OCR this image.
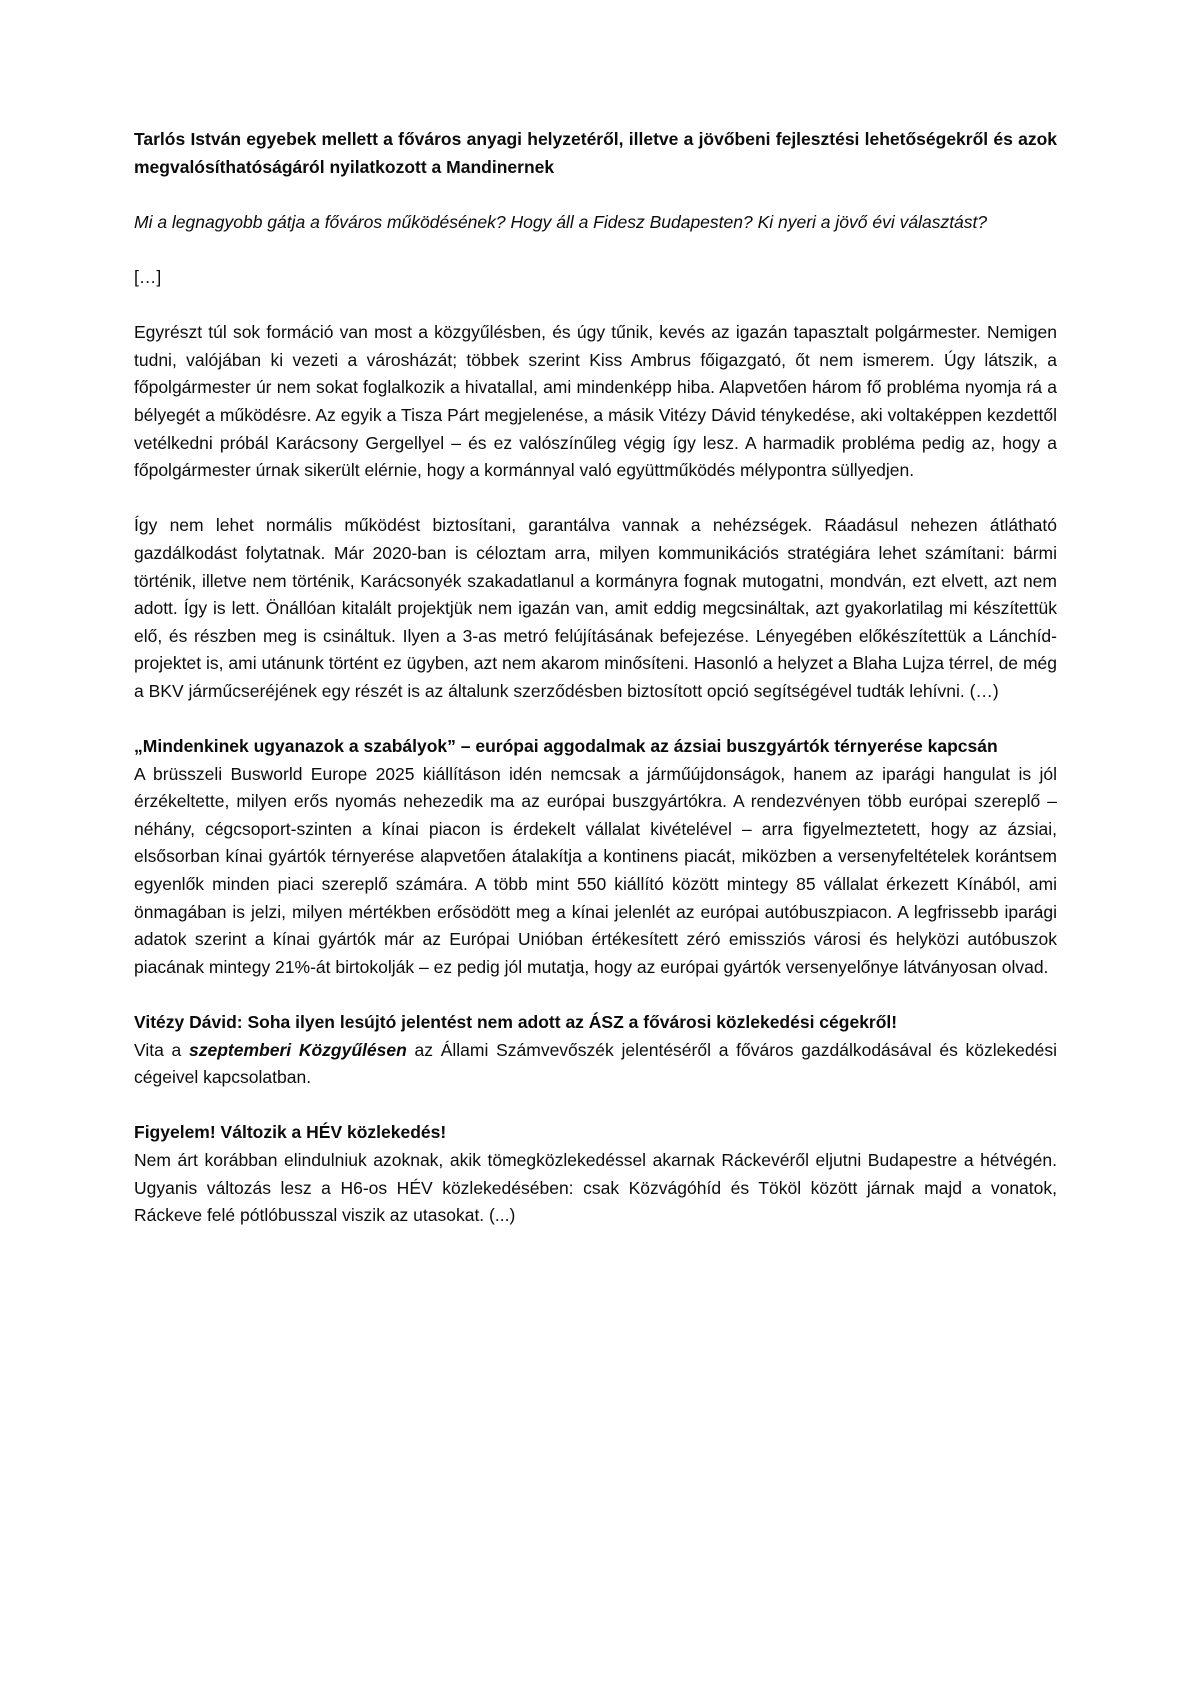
Tarlós István egyebek mellett a főváros anyagi helyzetéről, illetve a jövőbeni fejlesztési lehetőségekről és azok megvalósíthatóságáról nyilatkozott a Mandinernek

Mi a legnagyobb gátja a főváros működésének? Hogy áll a Fidesz Budapesten? Ki nyeri a jövő évi választást?

[…]

Egyrészt túl sok formáció van most a közgyűlésben, és úgy tűnik, kevés az igazán tapasztalt polgármester. Nemigen tudni, valójában ki vezeti a városházát; többek szerint Kiss Ambrus főigazgató, őt nem ismerem. Úgy látszik, a főpolgármester úr nem sokat foglalkozik a hivatallal, ami mindenképp hiba. Alapvetően három fő probléma nyomja rá a bélyegét a működésre. Az egyik a Tisza Párt megjelenése, a másik Vitézy Dávid ténykedése, aki voltaképpen kezdettől vetélkedni próbál Karácsony Gergellyel – és ez valószínűleg végig így lesz. A harmadik probléma pedig az, hogy a főpolgármester úrnak sikerült elérnie, hogy a kormánnyal való együttműködés mélypontra süllyedjen.

Így nem lehet normális működést biztosítani, garantálva vannak a nehézségek. Ráadásul nehezen átlátható gazdálkodást folytatnak. Már 2020-ban is céloztam arra, milyen kommunikációs stratégiára lehet számítani: bármi történik, illetve nem történik, Karácsonyék szakadatlanul a kormányra fognak mutogatni, mondván, ezt elvett, azt nem adott. Így is lett. Önállóan kitalált projektjük nem igazán van, amit eddig megcsináltak, azt gyakorlatilag mi készítettük elő, és részben meg is csináltuk. Ilyen a 3-as metró felújításának befejezése. Lényegében előkészítettük a Lánchíd-projektet is, ami utánunk történt ez ügyben, azt nem akarom minősíteni. Hasonló a helyzet a Blaha Lujza térrel, de még a BKV járműcseréjének egy részét is az általunk szerződésben biztosított opció segítségével tudták lehívni. (…)

„Mindenkinek ugyanazok a szabályok” – európai aggodalmak az ázsiai buszgyártók térnyerése kapcsán

A brüsszeli Busworld Europe 2025 kiállításon idén nemcsak a járműújdonságok, hanem az iparági hangulat is jól érzékeltette, milyen erős nyomás nehezedik ma az európai buszgyártókra. A rendezvényen több európai szereplő – néhány, cégcsoport-szinten a kínai piacon is érdekelt vállalat kivételével – arra figyelmeztetett, hogy az ázsiai, elsősorban kínai gyártók térnyerése alapvetően átalakítja a kontinens piacát, miközben a versenyfeltételek korántsem egyenlők minden piaci szereplő számára. A több mint 550 kiállító között mintegy 85 vállalat érkezett Kínából, ami önmagában is jelzi, milyen mértékben erősödött meg a kínai jelenlét az európai autóbuszpiacon. A legfrissebb iparági adatok szerint a kínai gyártók már az Európai Unióban értékesített zéró emissziós városi és helyközi autóbuszok piacának mintegy 21%-át birtokolják – ez pedig jól mutatja, hogy az európai gyártók versenyelőnye látványosan olvad.

Vitézy Dávid: Soha ilyen lesújtó jelentést nem adott az ÁSZ a fővárosi közlekedési cégekről!

Vita a szeptemberi Közgyűlésen az Állami Számvevőszék jelentéséről a főváros gazdálkodásával és közlekedési cégeivel kapcsolatban.

Figyelem! Változik a HÉV közlekedés!

Nem árt korábban elindulniuk azoknak, akik tömegközlekedéssel akarnak Ráckevéről eljutni Budapestre a hétvégén. Ugyanis változás lesz a H6-os HÉV közlekedésében: csak Közvágóhíd és Tököl között járnak majd a vonatok, Ráckeve felé pótlóbusszal viszik az utasokat. (...)
